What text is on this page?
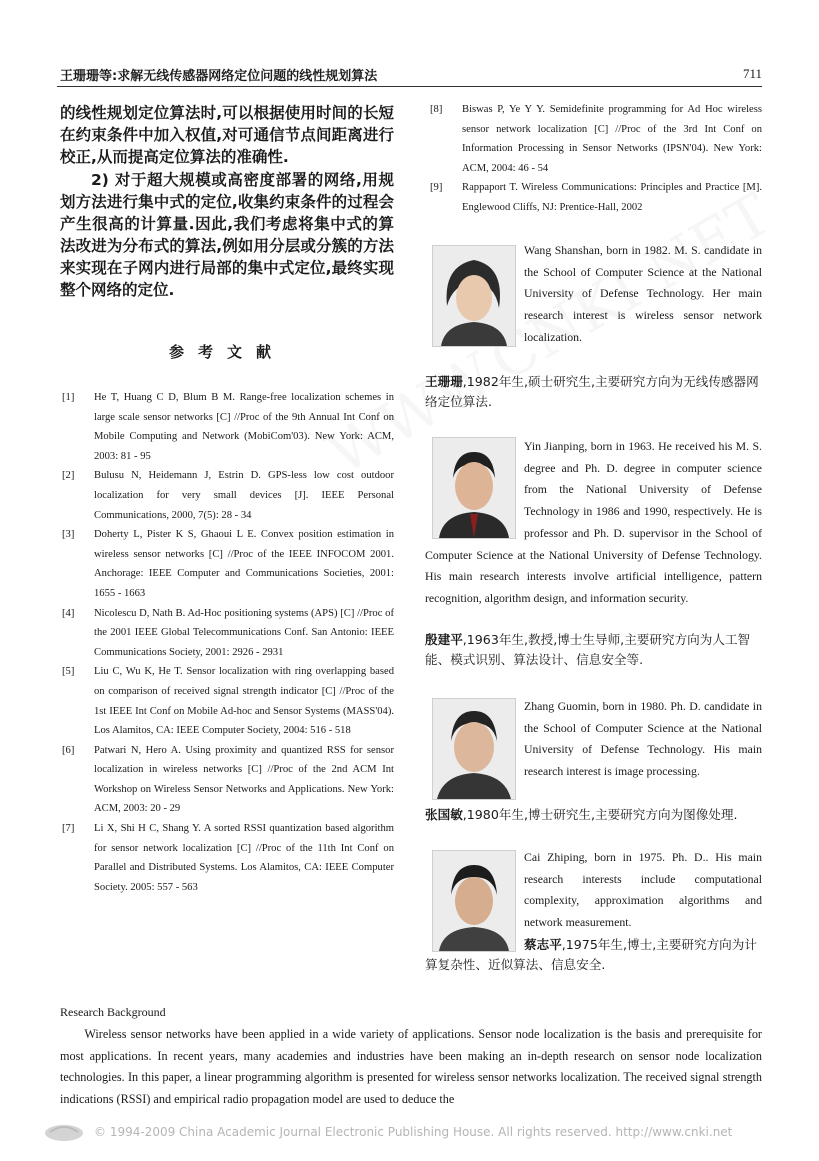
王珊珊等:求解无线传感器网络定位问题的线性规划算法	711

的线性规划定位算法时,可以根据使用时间的长短在约束条件中加入权值,对可通信节点间距离进行校正,从而提高定位算法的准确性.

2) 对于超大规模或高密度部署的网络,用规划方法进行集中式的定位,收集约束条件的过程会产生很高的计算量.因此,我们考虑将集中式的算法改进为分布式的算法,例如用分层或分簇的方法来实现在子网内进行局部的集中式定位,最终实现整个网络的定位.

参考文献
[1]	He T, Huang C D, Blum B M. Range-free localization schemes in large scale sensor networks [C] //Proc of the 9th Annual Int Conf on Mobile Computing and Network (MobiCom'03). New York: ACM, 2003: 81 - 95
[2]	Bulusu N, Heidemann J, Estrin D. GPS-less low cost outdoor localization for very small devices [J]. IEEE Personal Communications, 2000, 7(5): 28 - 34
[3]	Doherty L, Pister K S, Ghaoui L E. Convex position estimation in wireless sensor networks [C] //Proc of the IEEE INFOCOM 2001. Anchorage: IEEE Computer and Communications Societies, 2001: 1655 - 1663
[4]	Nicolescu D, Nath B. Ad-Hoc positioning systems (APS) [C] //Proc of the 2001 IEEE Global Telecommunications Conf. San Antonio: IEEE Communications Society, 2001: 2926 - 2931
[5]	Liu C, Wu K, He T. Sensor localization with ring overlapping based on comparison of received signal strength indicator [C] //Proc of the 1st IEEE Int Conf on Mobile Ad-hoc and Sensor Systems (MASS'04). Los Alamitos, CA: IEEE Computer Society, 2004: 516 - 518
[6]	Patwari N, Hero A. Using proximity and quantized RSS for sensor localization in wireless networks [C] //Proc of the 2nd ACM Int Workshop on Wireless Sensor Networks and Applications. New York: ACM, 2003: 20 - 29
[7]	Li X, Shi H C, Shang Y. A sorted RSSI quantization based algorithm for sensor network localization [C] //Proc of the 11th Int Conf on Parallel and Distributed Systems. Los Alamitos, CA: IEEE Computer Society. 2005: 557 - 563
[8]	Biswas P, Ye Y Y. Semidefinite programming for Ad Hoc wireless sensor network localization [C] //Proc of the 3rd Int Conf on Information Processing in Sensor Networks (IPSN'04). New York: ACM, 2004: 46 - 54
[9]	Rappaport T. Wireless Communications: Principles and Practice [M]. Englewood Cliffs, NJ: Prentice-Hall, 2002
Wang Shanshan, born in 1982. M. S. candidate in the School of Computer Science at the National University of Defense Technology. Her main research interest is wireless sensor network localization.
王珊珊,1982年生,硕士研究生,主要研究方向为无线传感器网络定位算法.
Yin Jianping, born in 1963. He received his M. S. degree and Ph. D. degree in computer science from the National University of Defense Technology in 1986 and 1990, respectively. He is professor and Ph. D. supervisor in the School of Computer Science at the National University of Defense Technology. His main research interests involve artificial intelligence, pattern recognition, algorithm design, and information security.
殷建平,1963年生,教授,博士生导师,主要研究方向为人工智能、模式识别、算法设计、信息安全等.
Zhang Guomin, born in 1980. Ph. D. candidate in the School of Computer Science at the National University of Defense Technology. His main research interest is image processing.
张国敏,1980年生,博士研究生,主要研究方向为图像处理.
Cai Zhiping, born in 1975. Ph. D.. His main research interests include computational complexity, approximation algorithms and network measurement.
蔡志平,1975年生,博士,主要研究方向为计算复杂性、近似算法、信息安全.
Research Background
Wireless sensor networks have been applied in a wide variety of applications. Sensor node localization is the basis and prerequisite for most applications. In recent years, many academies and industries have been making an in-depth research on sensor node localization technologies. In this paper, a linear programming algorithm is presented for wireless sensor networks localization. The received signal strength indications (RSSI) and empirical radio propagation model are used to deduce the
© 1994-2009 China Academic Journal Electronic Publishing House. All rights reserved. http://www.cnki.net
